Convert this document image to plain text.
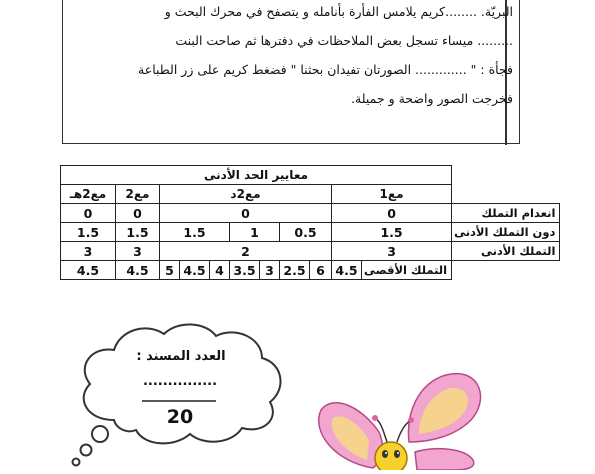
البريّة. ........كريم يلامس الفأرة بأنامله و يتصفح في محرك البحث و
......... ميساء تسجل بعض الملاحظات في دفترها ثم صاحت البنت
فجأة : " ............. الصورتان تفيدان بحثنا " فضغط كريم على زر الطباعة
فخرجت الصور واضحة و جميلة.
معايير الحد الأدنى											
مع2هـ	مع2	مع2د							مع1		
0	0	0							0		انعدام التملك
1.5	1.5	1.5			1		0.5		1.5		دون التملك الأدنى
3	3	2							3		التملك الأدنى
4.5	4.5	5	4.5	4	3.5	3	2.5	6	4.5	التملك الأقصى	
العدد المسند :
...............
20
